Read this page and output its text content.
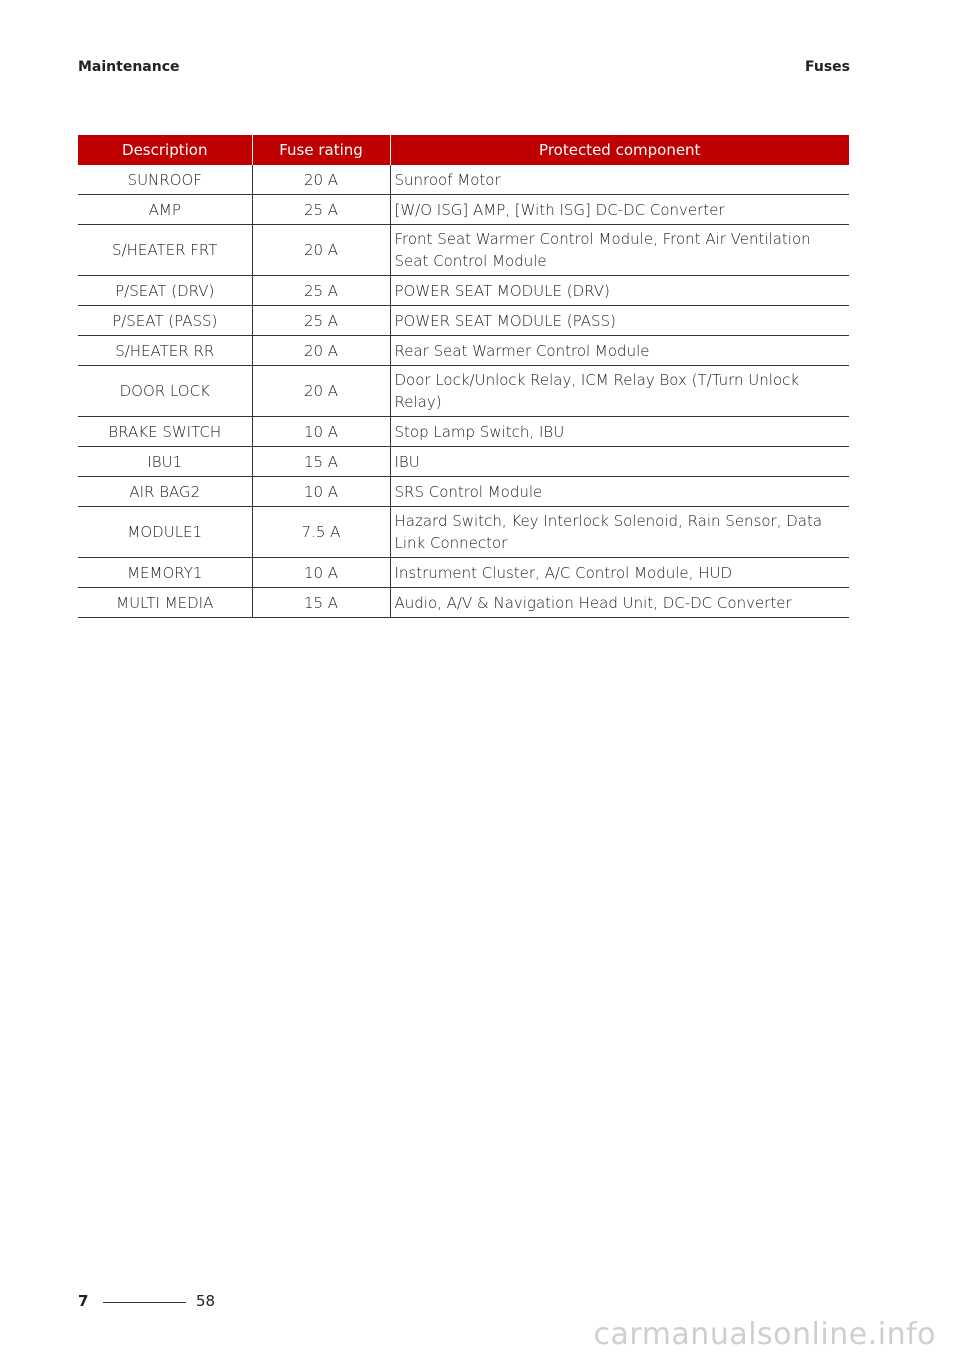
Maintenance	Fuses
Description	Fuse rating	Protected component
SUNROOF	20 A	Sunroof Motor
AMP	25 A	[W/O ISG] AMP, [With ISG] DC-DC Converter
S/HEATER FRT	20 A	Front Seat Warmer Control Module, Front Air Ventilation Seat Control Module
P/SEAT (DRV)	25 A	POWER SEAT MODULE (DRV)
P/SEAT (PASS)	25 A	POWER SEAT MODULE (PASS)
S/HEATER RR	20 A	Rear Seat Warmer Control Module
DOOR LOCK	20 A	Door Lock/Unlock Relay, ICM Relay Box (T/Turn Unlock Relay)
BRAKE SWITCH	10 A	Stop Lamp Switch, IBU
IBU1	15 A	IBU
AIR BAG2	10 A	SRS Control Module
MODULE1	7.5 A	Hazard Switch, Key Interlock Solenoid, Rain Sensor, Data Link Connector
MEMORY1	10 A	Instrument Cluster, A/C Control Module, HUD
MULTI MEDIA	15 A	Audio, A/V & Navigation Head Unit, DC-DC Converter
7	58
carmanualsonline.info
